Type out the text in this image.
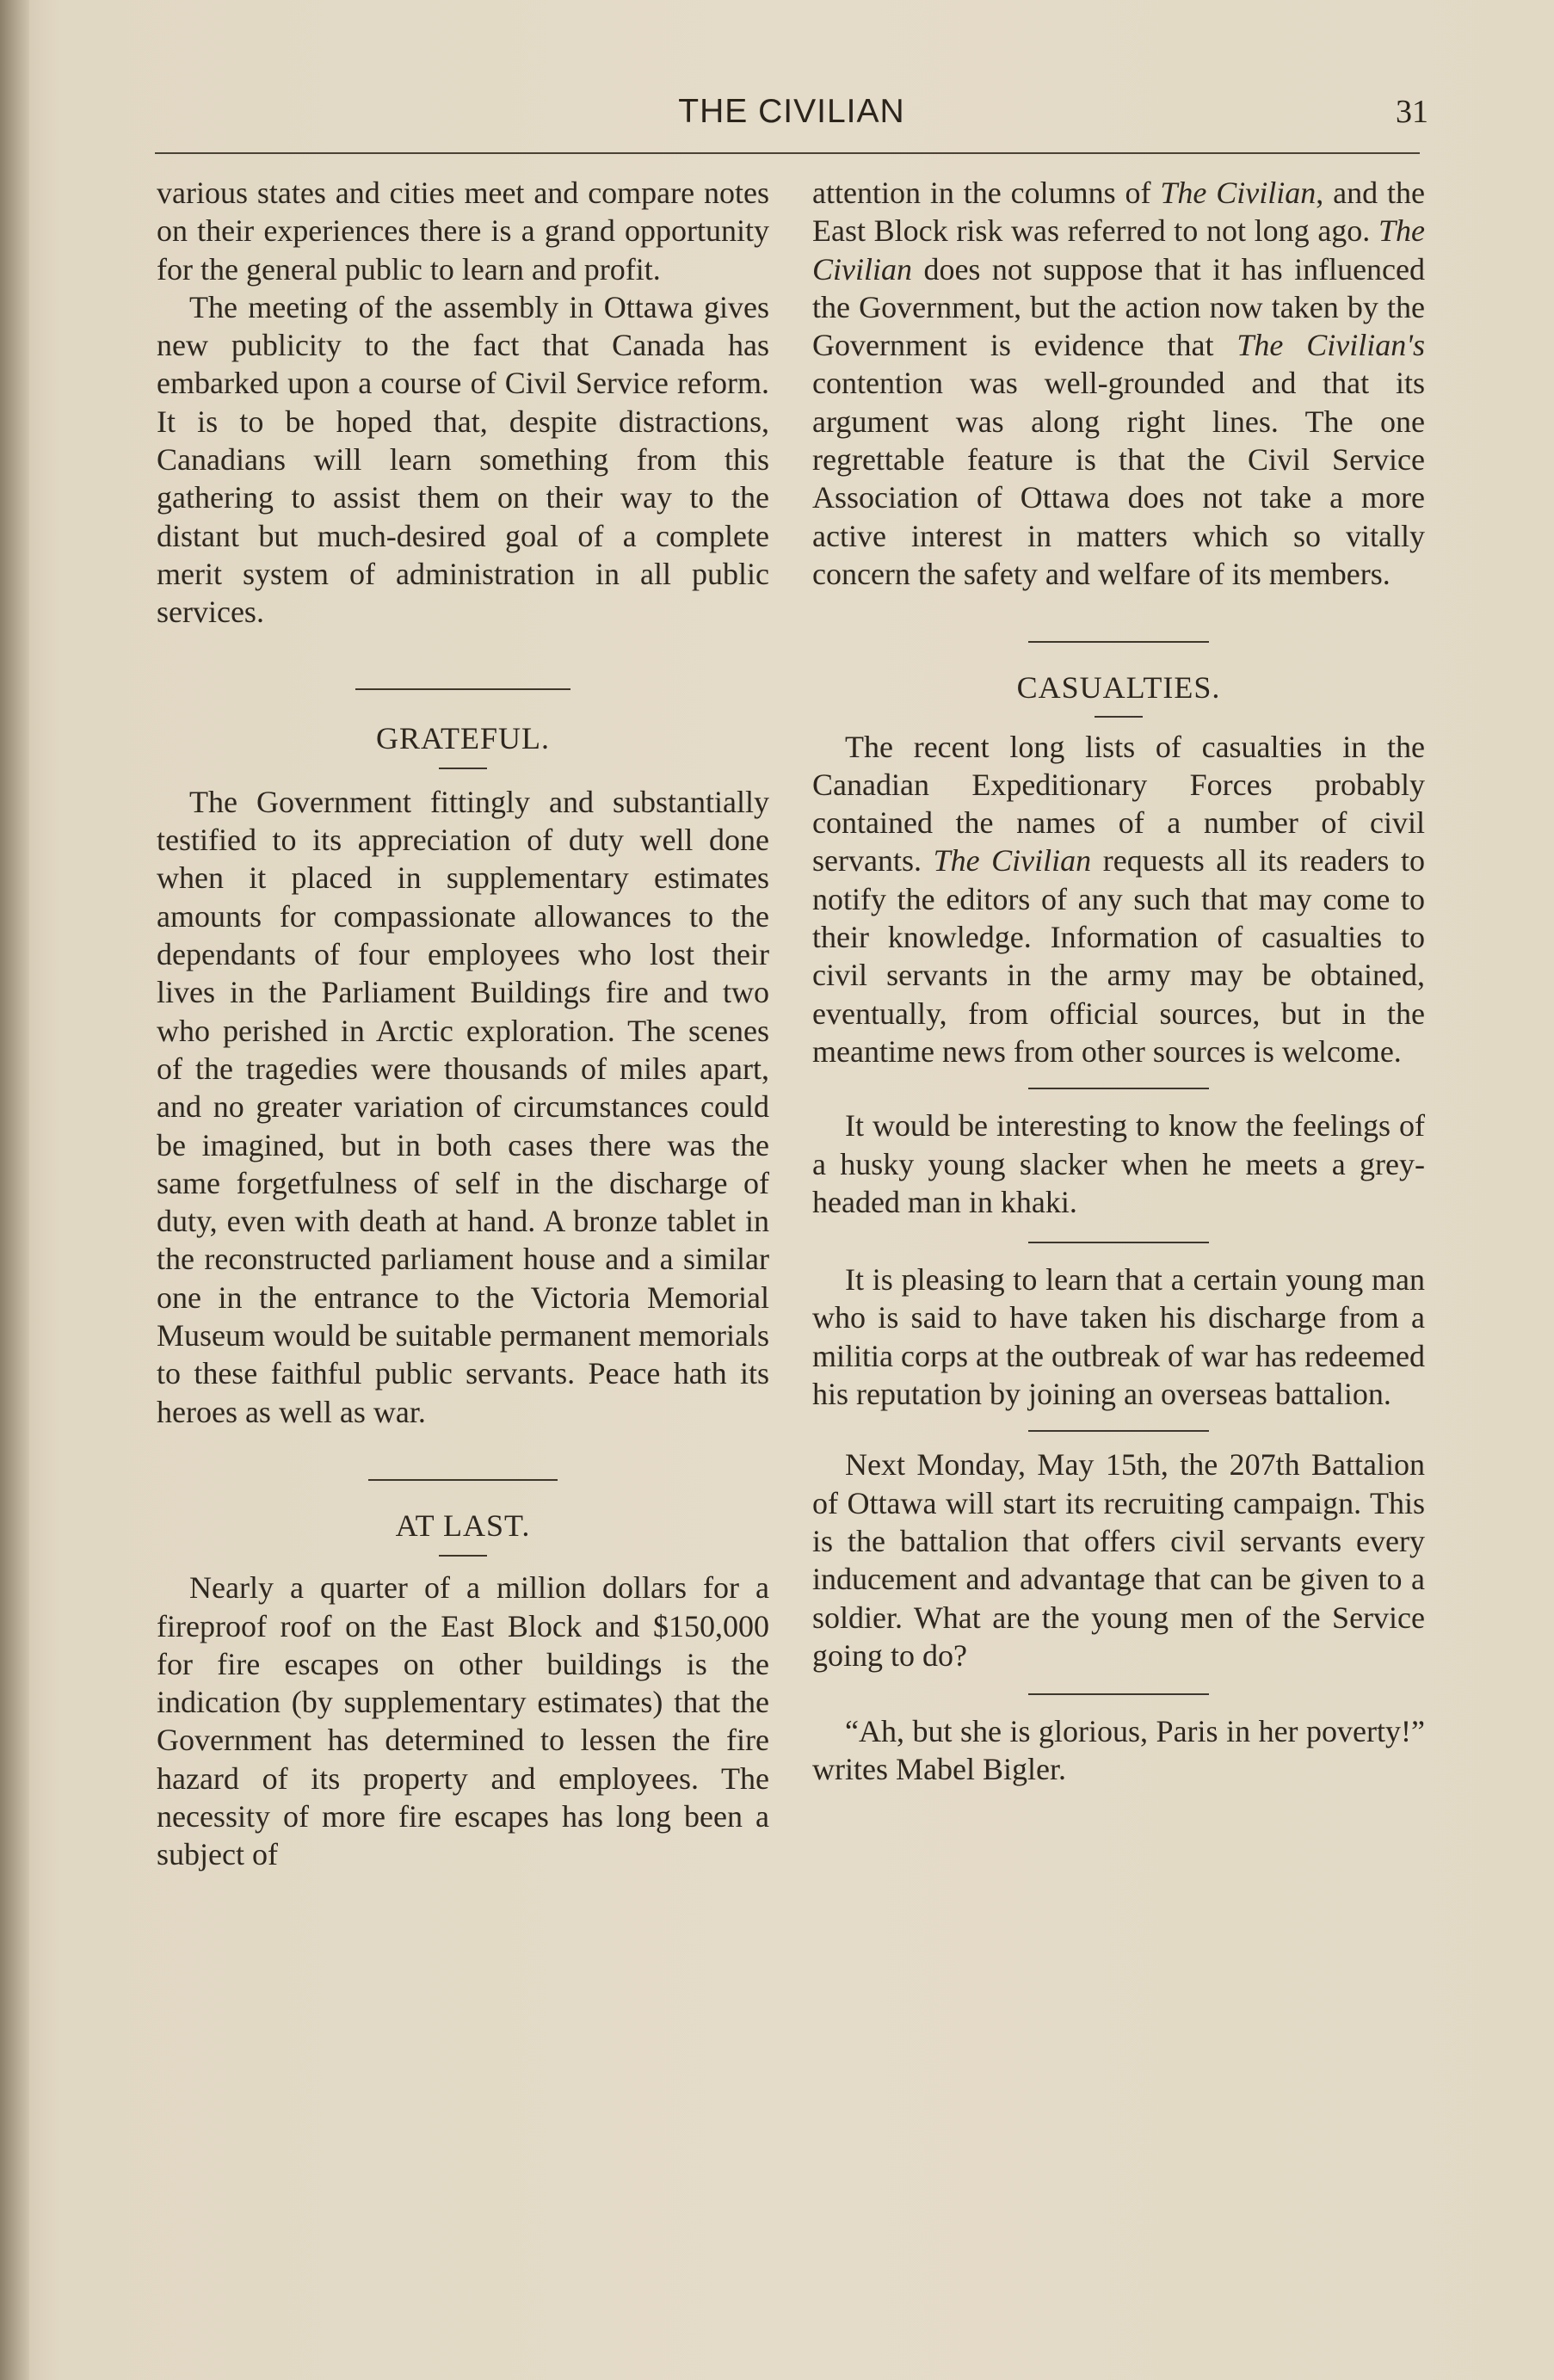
THE CIVILIAN	31

various states and cities meet and compare notes on their experiences there is a grand opportunity for the general public to learn and profit.

The meeting of the assembly in Ottawa gives new publicity to the fact that Canada has embarked upon a course of Civil Service reform. It is to be hoped that, despite distractions, Canadians will learn something from this gathering to assist them on their way to the distant but much-desired goal of a complete merit system of administration in all public services.

GRATEFUL.

The Government fittingly and substantially testified to its appreciation of duty well done when it placed in supplementary estimates amounts for compassionate allowances to the dependants of four employees who lost their lives in the Parliament Buildings fire and two who perished in Arctic exploration. The scenes of the tragedies were thousands of miles apart, and no greater variation of circumstances could be imagined, but in both cases there was the same forgetfulness of self in the discharge of duty, even with death at hand. A bronze tablet in the reconstructed parliament house and a similar one in the entrance to the Victoria Memorial Museum would be suitable permanent memorials to these faithful public servants. Peace hath its heroes as well as war.

AT LAST.

Nearly a quarter of a million dollars for a fireproof roof on the East Block and $150,000 for fire escapes on other buildings is the indication (by supplementary estimates) that the Government has determined to lessen the fire hazard of its property and employees. The necessity of more fire escapes has long been a subject of

attention in the columns of The Civilian, and the East Block risk was referred to not long ago. The Civilian does not suppose that it has influenced the Government, but the action now taken by the Government is evidence that The Civilian's contention was well-grounded and that its argument was along right lines. The one regrettable feature is that the Civil Service Association of Ottawa does not take a more active interest in matters which so vitally concern the safety and welfare of its members.

CASUALTIES.

The recent long lists of casualties in the Canadian Expeditionary Forces probably contained the names of a number of civil servants. The Civilian requests all its readers to notify the editors of any such that may come to their knowledge. Information of casualties to civil servants in the army may be obtained, eventually, from official sources, but in the meantime news from other sources is welcome.

It would be interesting to know the feelings of a husky young slacker when he meets a grey-headed man in khaki.

It is pleasing to learn that a certain young man who is said to have taken his discharge from a militia corps at the outbreak of war has redeemed his reputation by joining an overseas battalion.

Next Monday, May 15th, the 207th Battalion of Ottawa will start its recruiting campaign. This is the battalion that offers civil servants every inducement and advantage that can be given to a soldier. What are the young men of the Service going to do?

“Ah, but she is glorious, Paris in her poverty!” writes Mabel Bigler.
